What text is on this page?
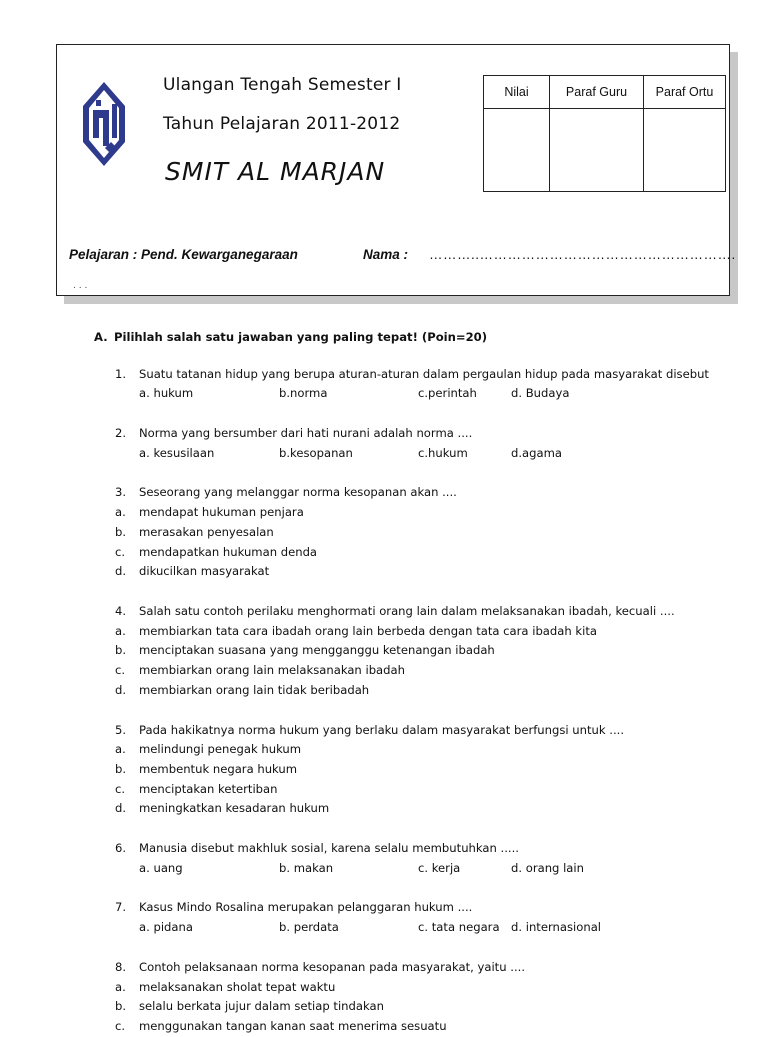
Ulangan Tengah Semester I
Tahun Pelajaran 2011-2012
SMIT AL MARJAN
Nilai	Paraf Guru	Paraf Ortu

Pelajaran : Pend. Kewarganegaraan	Nama : ………..……………………………………………….
. . .
A. Pilihlah salah satu jawaban yang paling tepat! (Poin=20)
1. Suatu tatanan hidup yang berupa aturan-aturan dalam pergaulan hidup pada masyarakat disebut
a. hukum	b.norma	c.perintah	d. Budaya
2. Norma yang bersumber dari hati nurani adalah norma ....
a. kesusilaan	b.kesopanan	c.hukum	d.agama
3. Seseorang yang melanggar norma kesopanan akan ....
a. mendapat hukuman penjara
b. merasakan penyesalan
c. mendapatkan hukuman denda
d. dikucilkan masyarakat
4. Salah satu contoh perilaku menghormati orang lain dalam melaksanakan ibadah, kecuali ....
a. membiarkan tata cara ibadah orang lain berbeda dengan tata cara ibadah kita
b. menciptakan suasana yang mengganggu ketenangan ibadah
c. membiarkan orang lain melaksanakan ibadah
d. membiarkan orang lain tidak beribadah
5. Pada hakikatnya norma hukum yang berlaku dalam masyarakat berfungsi untuk ....
a. melindungi penegak hukum
b. membentuk negara hukum
c. menciptakan ketertiban
d. meningkatkan kesadaran hukum
6. Manusia disebut makhluk sosial, karena selalu membutuhkan .....
a. uang	b. makan	c. kerja	d. orang lain
7. Kasus Mindo Rosalina merupakan pelanggaran hukum ....
a. pidana	b. perdata	c. tata negara d. internasional
8. Contoh pelaksanaan norma kesopanan pada masyarakat, yaitu ....
a. melaksanakan sholat tepat waktu
b. selalu berkata jujur dalam setiap tindakan
c. menggunakan tangan kanan saat menerima sesuatu
